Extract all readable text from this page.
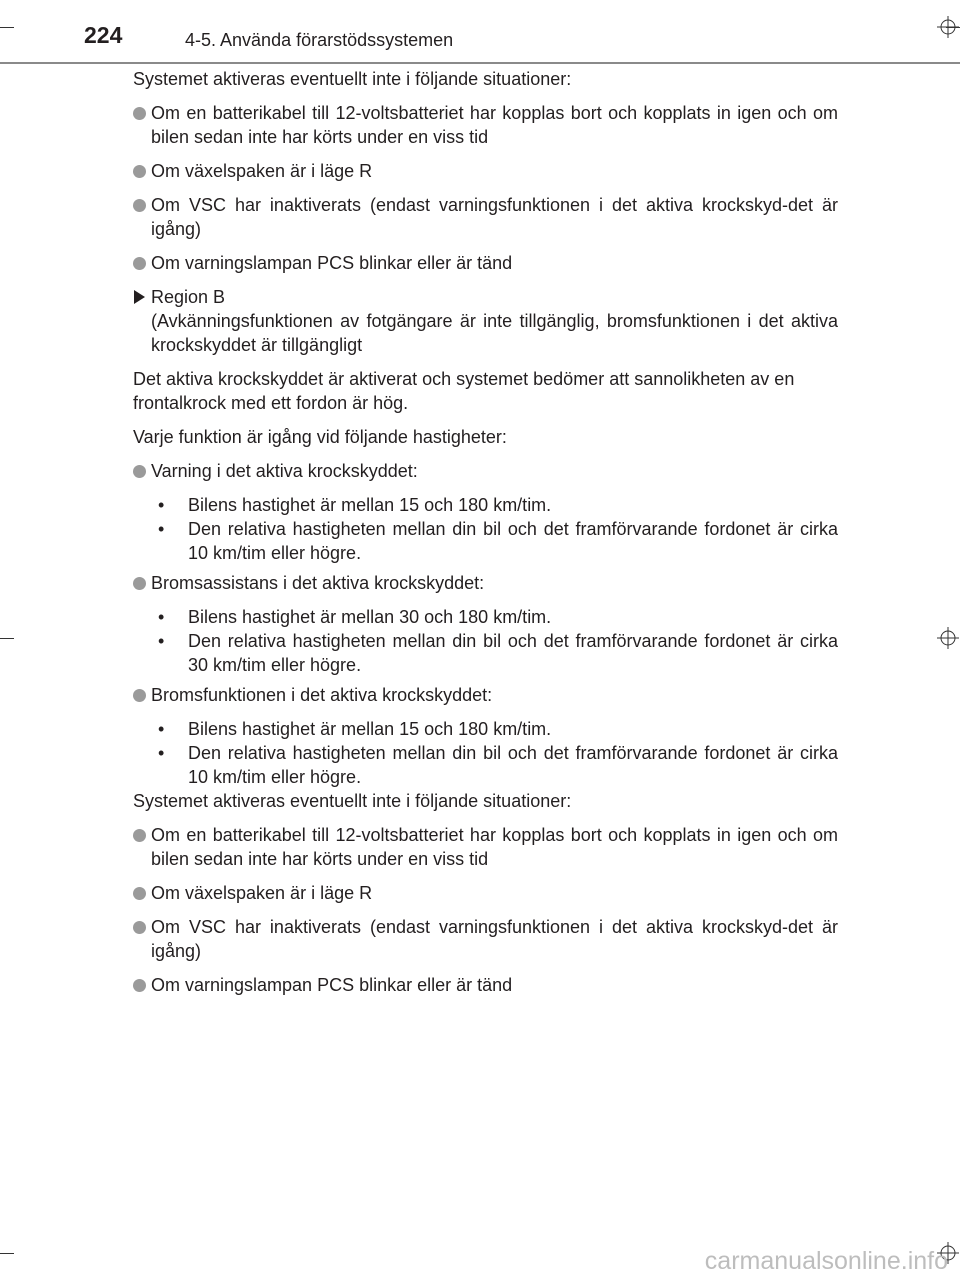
224	4-5. Använda förarstödssystemen

Systemet aktiveras eventuellt inte i följande situationer:

Om en batterikabel till 12-voltsbatteriet har kopplas bort och kopplats in igen och om bilen sedan inte har körts under en viss tid
Om växelspaken är i läge R
Om VSC har inaktiverats (endast varningsfunktionen i det aktiva krockskyd-det är igång)
Om varningslampan PCS blinkar eller är tänd
Region B
(Avkänningsfunktionen av fotgängare är inte tillgänglig, bromsfunktionen i det aktiva krockskyddet är tillgängligt

Det aktiva krockskyddet är aktiverat och systemet bedömer att sannolikheten av en frontalkrock med ett fordon är hög.

Varje funktion är igång vid följande hastigheter:

Varning i det aktiva krockskyddet:
• Bilens hastighet är mellan 15 och 180 km/tim.
• Den relativa hastigheten mellan din bil och det framförvarande fordonet är cirka 10 km/tim eller högre.
Bromsassistans i det aktiva krockskyddet:
• Bilens hastighet är mellan 30 och 180 km/tim.
• Den relativa hastigheten mellan din bil och det framförvarande fordonet är cirka 30 km/tim eller högre.
Bromsfunktionen i det aktiva krockskyddet:
• Bilens hastighet är mellan 15 och 180 km/tim.
• Den relativa hastigheten mellan din bil och det framförvarande fordonet är cirka 10 km/tim eller högre.

Systemet aktiveras eventuellt inte i följande situationer:

Om en batterikabel till 12-voltsbatteriet har kopplas bort och kopplats in igen och om bilen sedan inte har körts under en viss tid
Om växelspaken är i läge R
Om VSC har inaktiverats (endast varningsfunktionen i det aktiva krockskyd-det är igång)
Om varningslampan PCS blinkar eller är tänd
carmanualsonline.info
